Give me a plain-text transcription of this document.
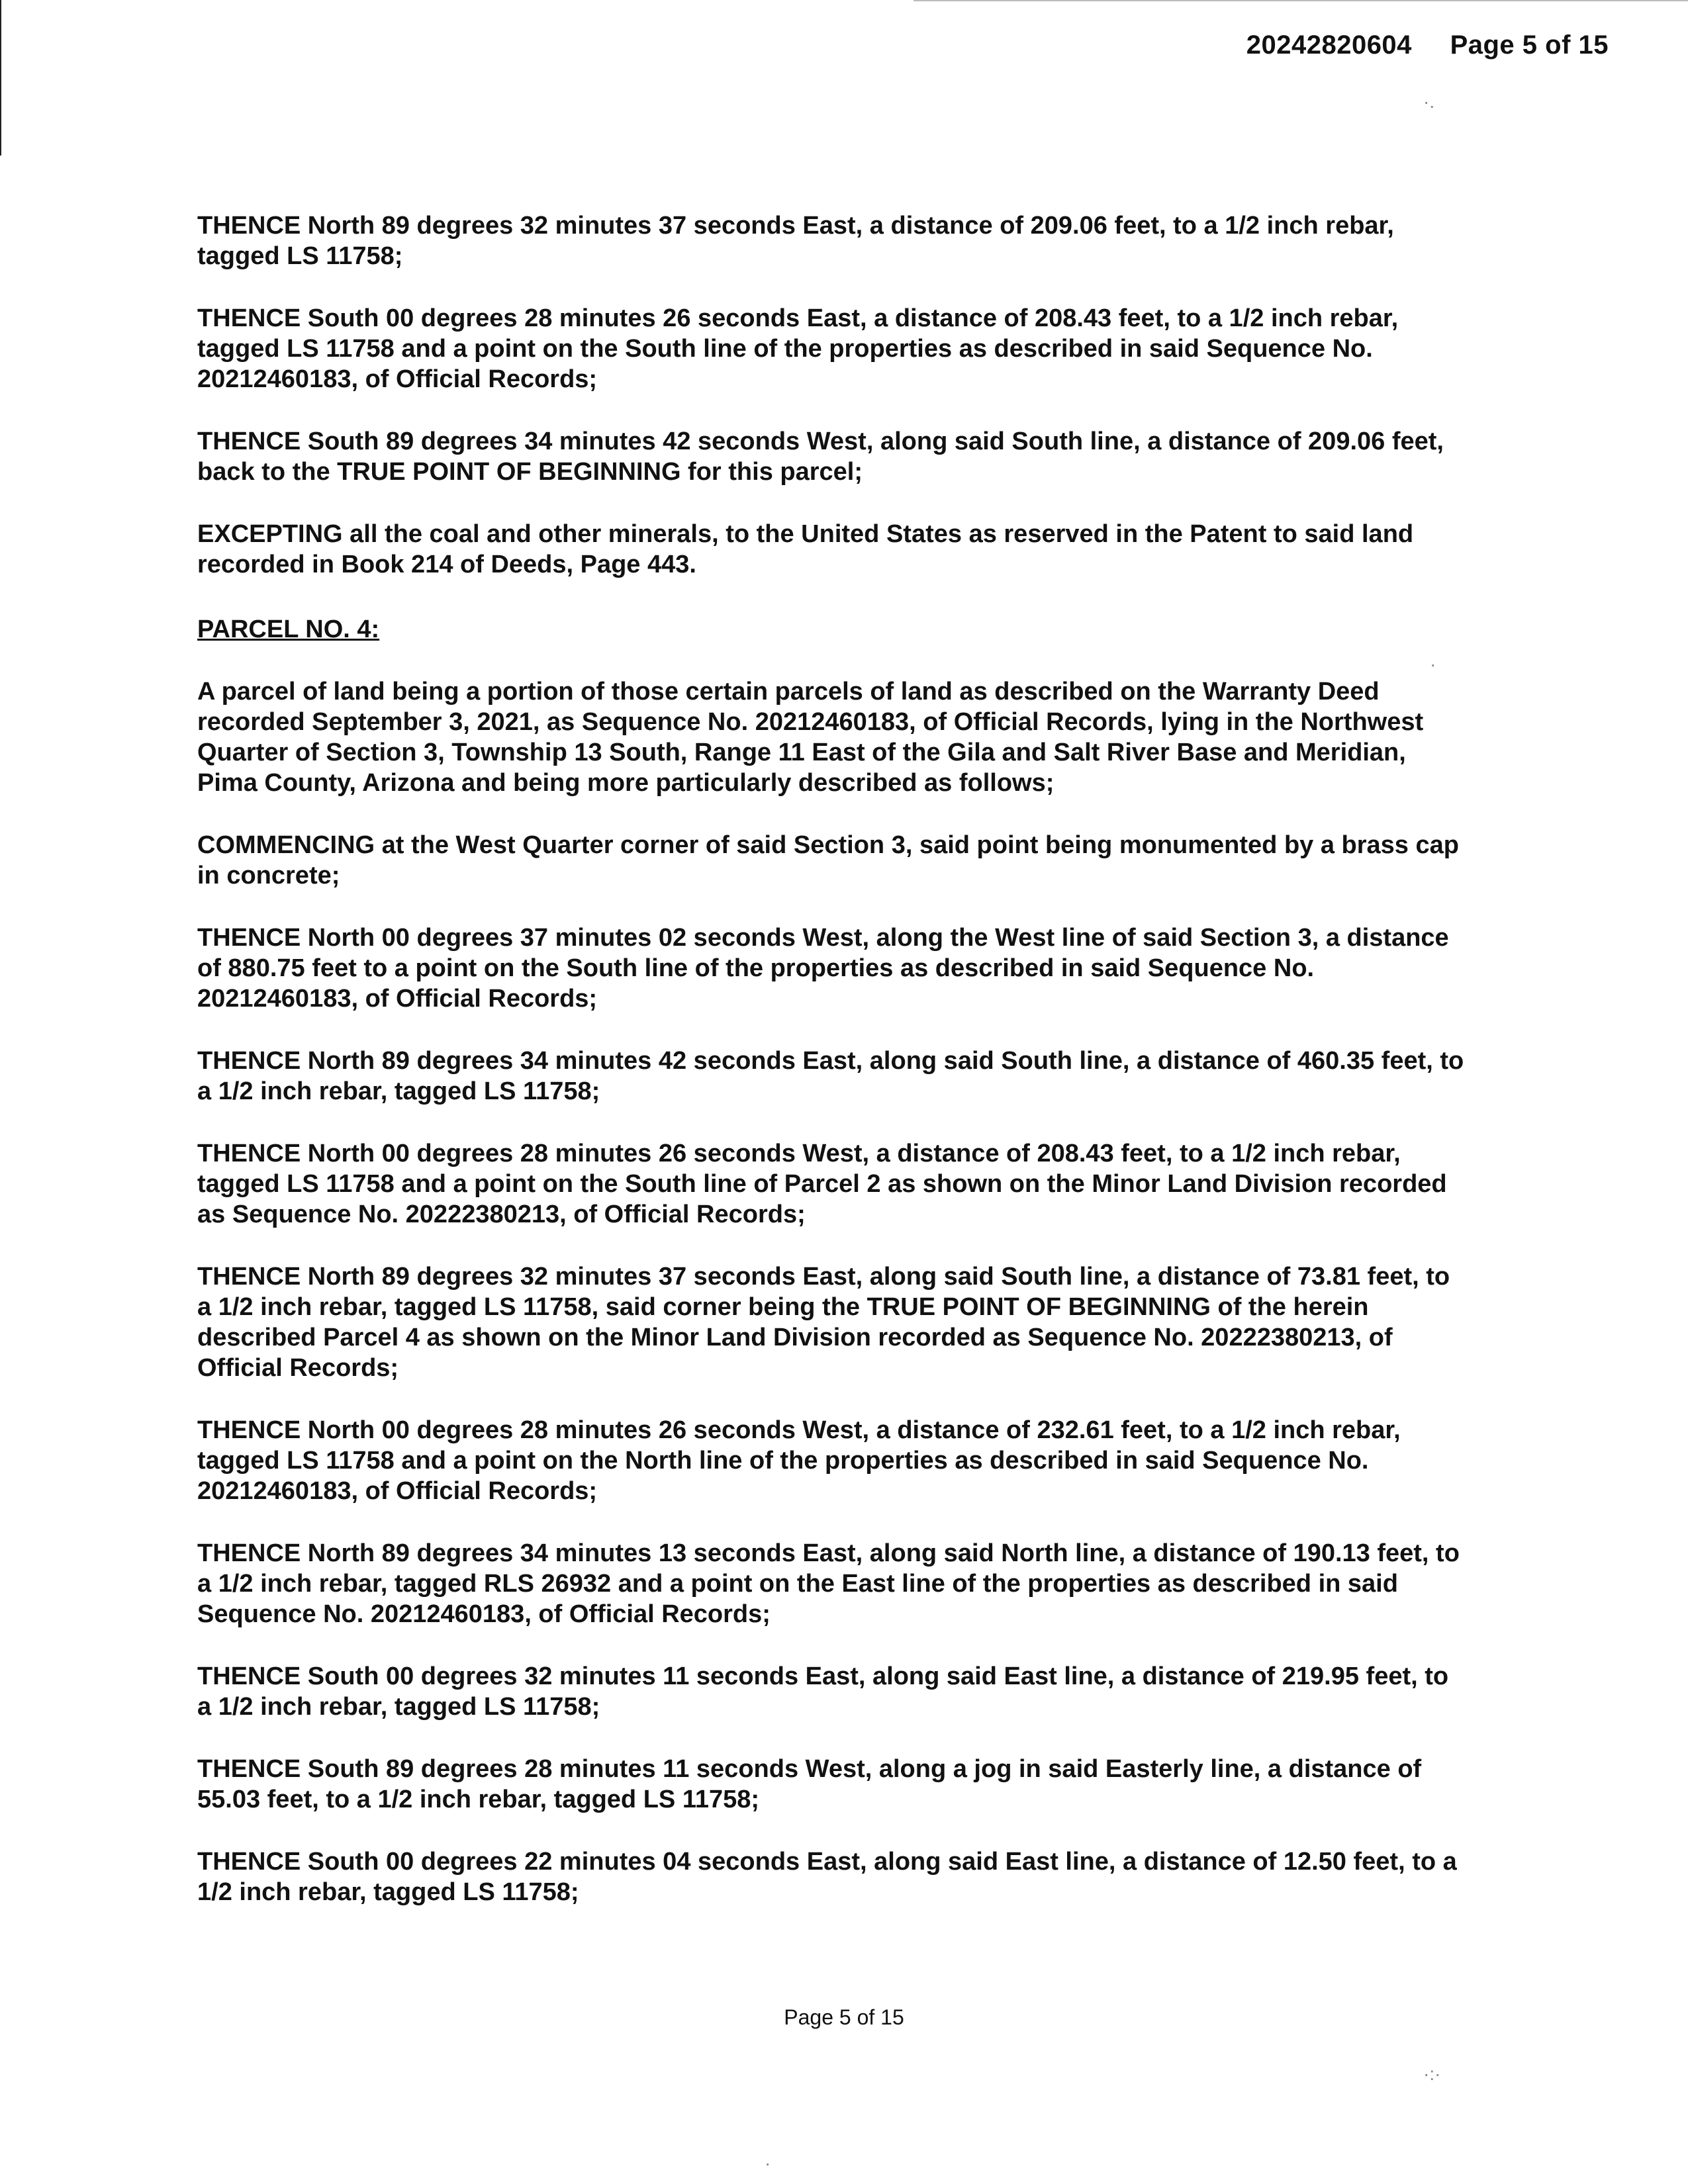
20242820604 Page 5 of 15

THENCE North 89 degrees 32 minutes 37 seconds East, a distance of 209.06 feet, to a 1/2 inch rebar,
tagged LS 11758;

THENCE South 00 degrees 28 minutes 26 seconds East, a distance of 208.43 feet, to a 1/2 inch rebar,
tagged LS 11758 and a point on the South line of the properties as described in said Sequence No.
20212460183, of Official Records;

THENCE South 89 degrees 34 minutes 42 seconds West, along said South line, a distance of 209.06 feet,
back to the TRUE POINT OF BEGINNING for this parcel;

EXCEPTING all the coal and other minerals, to the United States as reserved in the Patent to said land
recorded in Book 214 of Deeds, Page 443.

PARCEL NO. 4:

A parcel of land being a portion of those certain parcels of land as described on the Warranty Deed
recorded September 3, 2021, as Sequence No. 20212460183, of Official Records, lying in the Northwest
Quarter of Section 3, Township 13 South, Range 11 East of the Gila and Salt River Base and Meridian,
Pima County, Arizona and being more particularly described as follows;

COMMENCING at the West Quarter corner of said Section 3, said point being monumented by a brass cap
in concrete;

THENCE North 00 degrees 37 minutes 02 seconds West, along the West line of said Section 3, a distance
of 880.75 feet to a point on the South line of the properties as described in said Sequence No.
20212460183, of Official Records;

THENCE North 89 degrees 34 minutes 42 seconds East, along said South line, a distance of 460.35 feet, to
a 1/2 inch rebar, tagged LS 11758;

THENCE North 00 degrees 28 minutes 26 seconds West, a distance of 208.43 feet, to a 1/2 inch rebar,
tagged LS 11758 and a point on the South line of Parcel 2 as shown on the Minor Land Division recorded
as Sequence No. 20222380213, of Official Records;

THENCE North 89 degrees 32 minutes 37 seconds East, along said South line, a distance of 73.81 feet, to
a 1/2 inch rebar, tagged LS 11758, said corner being the TRUE POINT OF BEGINNING of the herein
described Parcel 4 as shown on the Minor Land Division recorded as Sequence No. 20222380213, of
Official Records;

THENCE North 00 degrees 28 minutes 26 seconds West, a distance of 232.61 feet, to a 1/2 inch rebar,
tagged LS 11758 and a point on the North line of the properties as described in said Sequence No.
20212460183, of Official Records;

THENCE North 89 degrees 34 minutes 13 seconds East, along said North line, a distance of 190.13 feet, to
a 1/2 inch rebar, tagged RLS 26932 and a point on the East line of the properties as described in said
Sequence No. 20212460183, of Official Records;

THENCE South 00 degrees 32 minutes 11 seconds East, along said East line, a distance of 219.95 feet, to
a 1/2 inch rebar, tagged LS 11758;

THENCE South 89 degrees 28 minutes 11 seconds West, along a jog in said Easterly line, a distance of
55.03 feet, to a 1/2 inch rebar, tagged LS 11758;

THENCE South 00 degrees 22 minutes 04 seconds East, along said East line, a distance of 12.50 feet, to a
1/2 inch rebar, tagged LS 11758;

Page 5 of 15
·.
·
·:·
·
